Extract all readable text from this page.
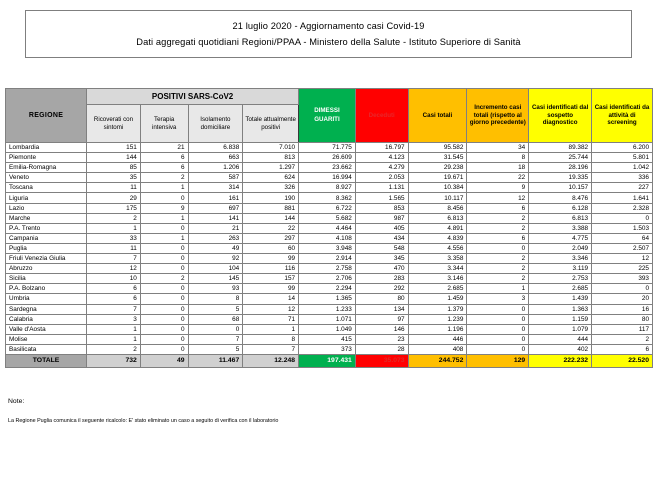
21 luglio 2020 - Aggiornamento casi Covid-19
Dati aggregati quotidiani Regioni/PPAA - Ministero della Salute - Istituto Superiore di Sanità
REGIONE	POSITIVI SARS-CoV2				DIMESSI GUARITI	Deceduti	Casi totali	Incremento casi totali (rispetto al giorno precedente)	Casi identificati dal sospetto diagnostico	Casi identificati da attività di screening
	Ricoverati con sintomi	Terapia intensiva	Isolamento domiciliare	Totale attualmente positivi						
Lombardia	151	21	6.838	7.010	71.775	16.797	95.582	34	89.382	6.200
Piemonte	144	6	663	813	26.609	4.123	31.545	8	25.744	5.801
Emilia-Romagna	85	6	1.206	1.297	23.662	4.279	29.238	18	28.196	1.042
Veneto	35	2	587	624	16.994	2.053	19.671	22	19.335	336
Toscana	11	1	314	326	8.927	1.131	10.384	9	10.157	227
Liguria	29	0	161	190	8.362	1.565	10.117	12	8.476	1.641
Lazio	175	9	697	881	6.722	853	8.456	6	6.128	2.328
Marche	2	1	141	144	5.682	987	6.813	2	6.813	0
P.A. Trento	1	0	21	22	4.464	405	4.891	2	3.388	1.503
Campania	33	1	263	297	4.108	434	4.839	6	4.775	64
Puglia	11	0	49	60	3.948	548	4.556	0	2.049	2.507
Friuli Venezia Giulia	7	0	92	99	2.914	345	3.358	2	3.346	12
Abruzzo	12	0	104	116	2.758	470	3.344	2	3.119	225
Sicilia	10	2	145	157	2.706	283	3.146	2	2.753	393
P.A. Bolzano	6	0	93	99	2.294	292	2.685	1	2.685	0
Umbria	6	0	8	14	1.365	80	1.459	3	1.439	20
Sardegna	7	0	5	12	1.233	134	1.379	0	1.363	16
Calabria	3	0	68	71	1.071	97	1.239	0	1.159	80
Valle d'Aosta	1	0	0	1	1.049	146	1.196	0	1.079	117
Molise	1	0	7	8	415	23	446	0	444	2
Basilicata	2	0	5	7	373	28	408	0	402	6
TOTALE	732	49	11.467	12.248	197.431	35.073	244.752	129	222.232	22.520
Note:
La Regione Puglia comunica il seguente ricalcolo: E' stato eliminato un caso a seguito di verifica con il laboratorio
